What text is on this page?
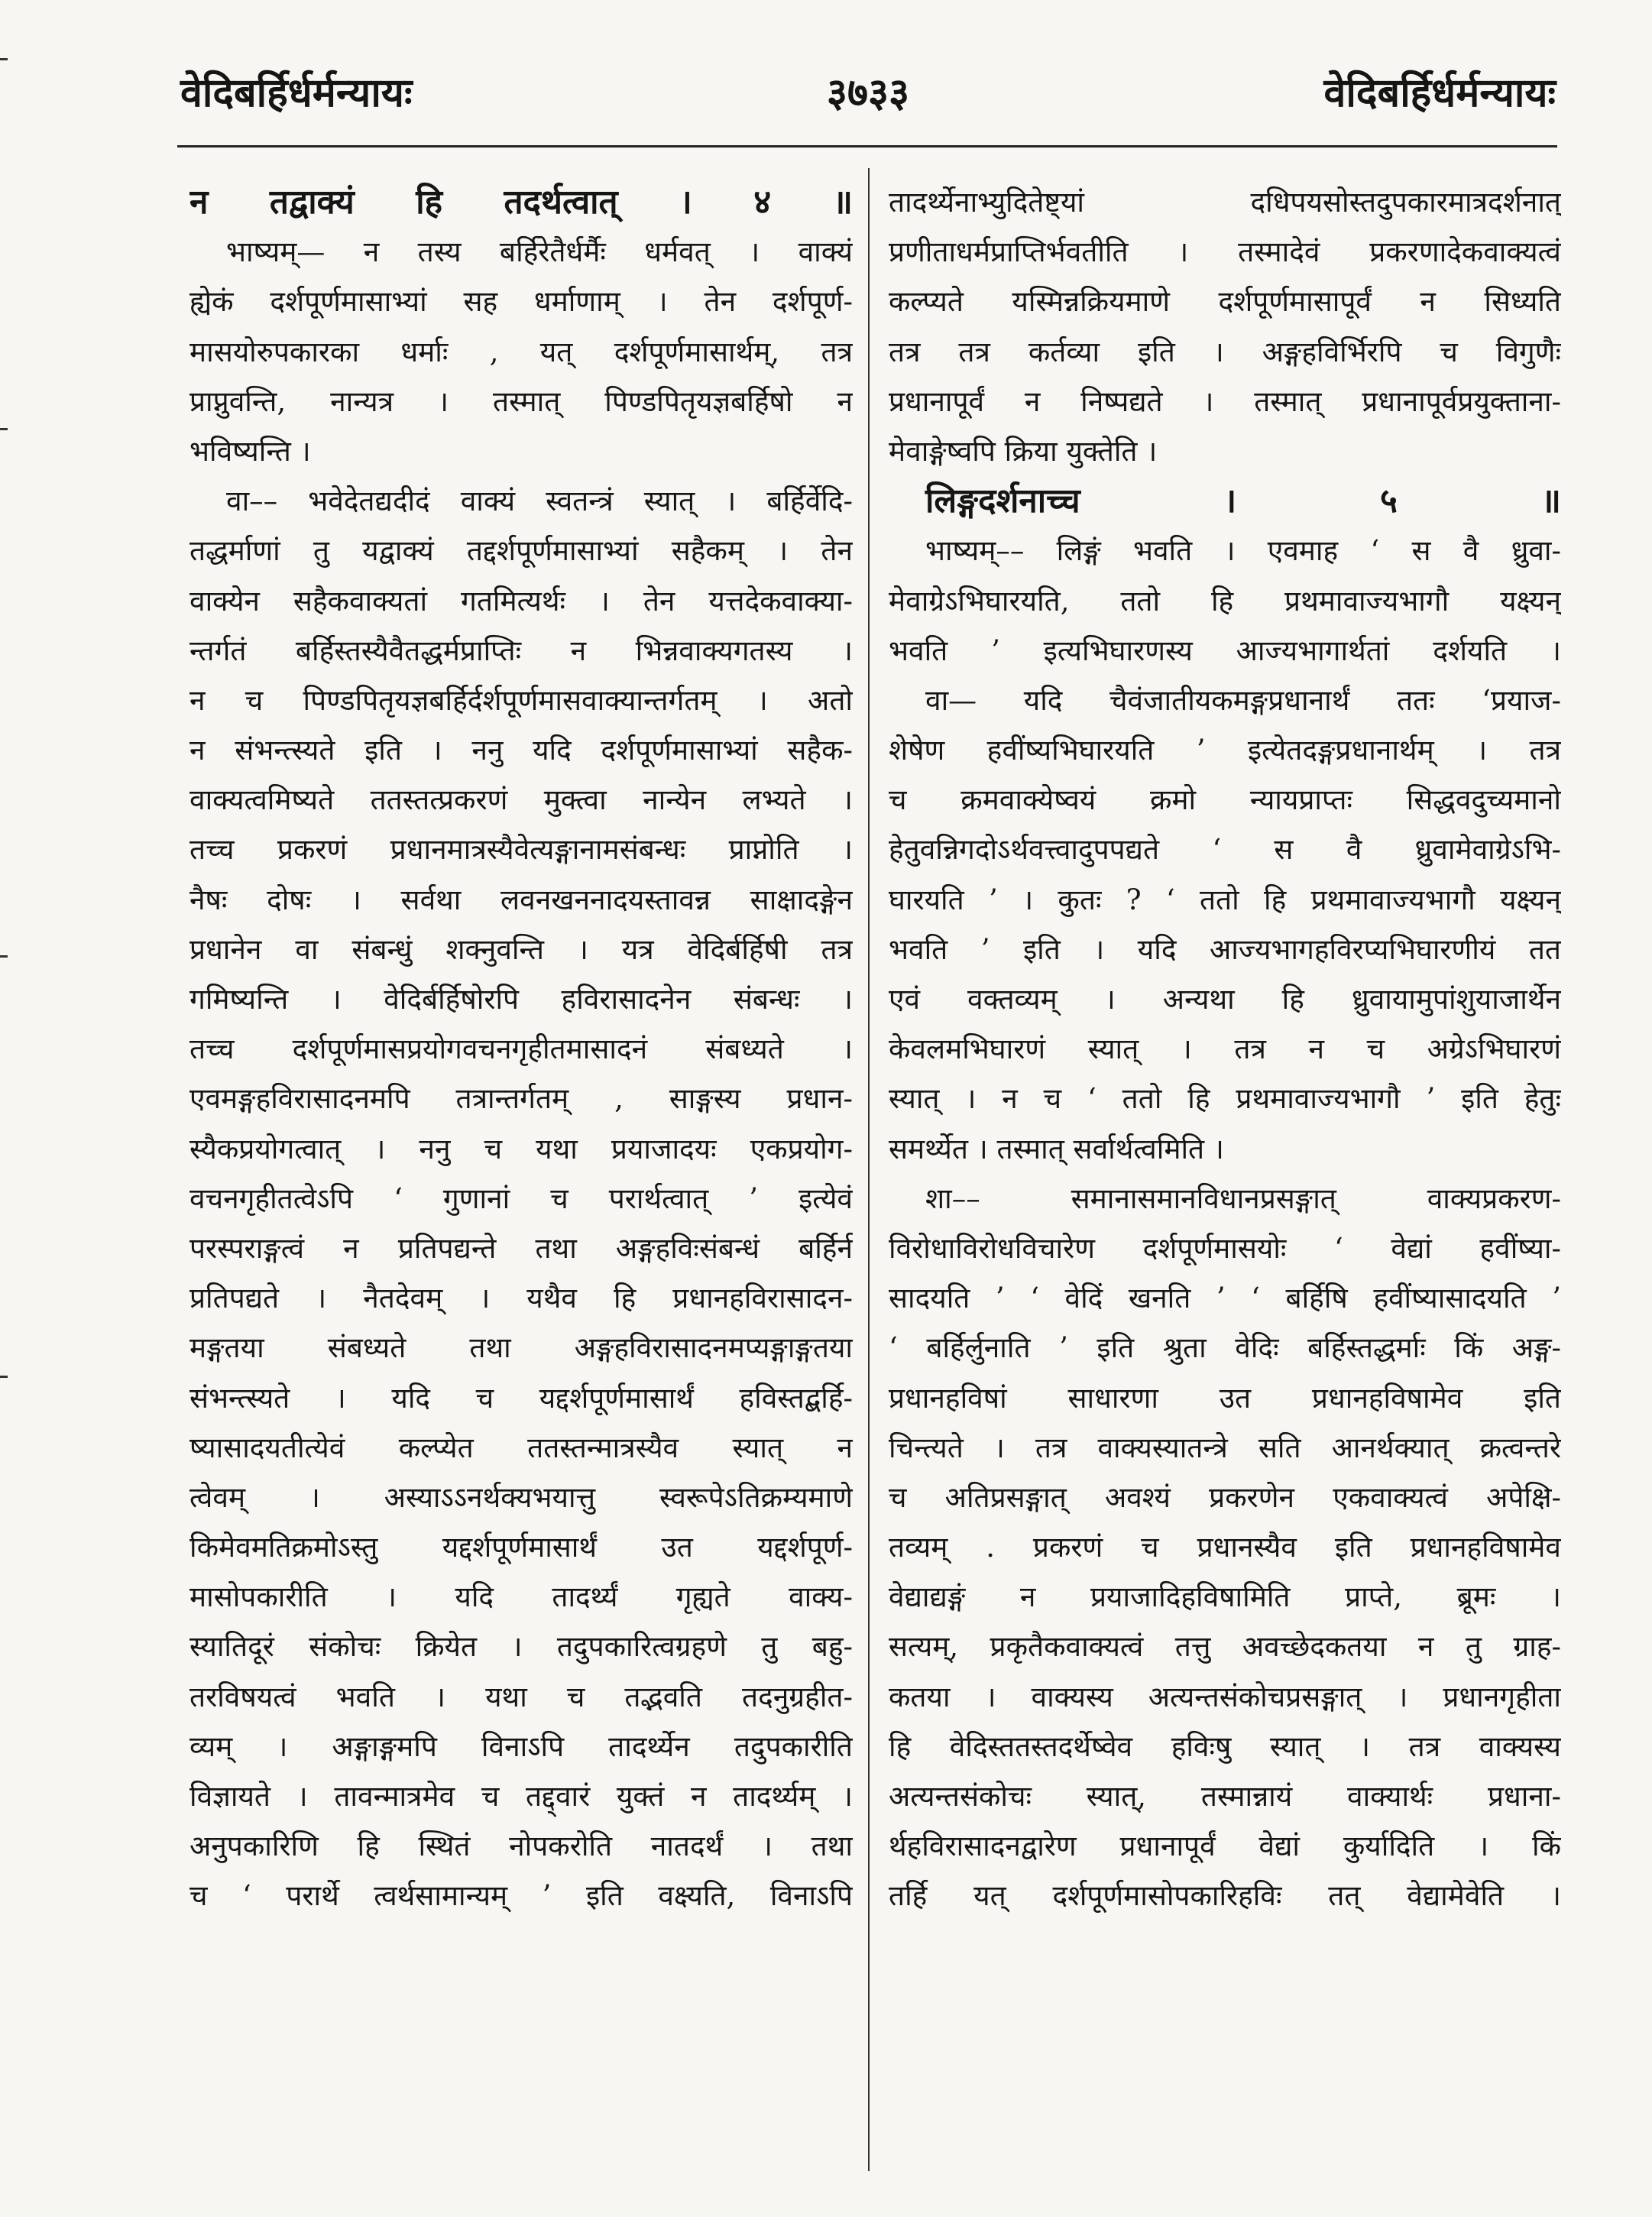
वेदिबर्हिर्धर्मन्यायः	३७३३	वेदिबर्हिर्धर्मन्यायः
न तद्वाक्यं हि तदर्थत्वात् । ४ ॥
भाष्यम्— न तस्य बर्हिरेतैर्धर्मैः धर्मवत् । वाक्यं
ह्येकं दर्शपूर्णमासाभ्यां सह धर्माणाम् । तेन दर्शपूर्ण-
मासयोरुपकारका धर्माः , यत् दर्शपूर्णमासार्थम्, तत्र
प्राप्नुवन्ति, नान्यत्र । तस्मात् पिण्डपितृयज्ञबर्हिषो न
भविष्यन्ति ।
वा–– भवेदेतद्यदीदं वाक्यं स्वतन्त्रं स्यात् । बर्हिर्वेदि-
तद्धर्माणां तु यद्वाक्यं तद्दर्शपूर्णमासाभ्यां सहैकम् । तेन
वाक्येन सहैकवाक्यतां गतमित्यर्थः । तेन यत्तदेकवाक्या-
न्तर्गतं बर्हिस्तस्यैवैतद्धर्मप्राप्तिः न भिन्नवाक्यगतस्य ।
न च पिण्डपितृयज्ञबर्हिर्दर्शपूर्णमासवाक्यान्तर्गतम् । अतो
न संभन्त्स्यते इति । ननु यदि दर्शपूर्णमासाभ्यां सहैक-
वाक्यत्वमिष्यते ततस्तत्प्रकरणं मुक्त्वा नान्येन लभ्यते ।
तच्च प्रकरणं प्रधानमात्रस्यैवेत्यङ्गानामसंबन्धः प्राप्नोति ।
नैषः दोषः । सर्वथा लवनखननादयस्तावन्न साक्षादङ्गेन
प्रधानेन वा संबन्धुं शक्नुवन्ति । यत्र वेदिर्बर्हिषी तत्र
गमिष्यन्ति । वेदिर्बर्हिषोरपि हविरासादनेन संबन्धः ।
तच्च दर्शपूर्णमासप्रयोगवचनगृहीतमासादनं संबध्यते ।
एवमङ्गहविरासादनमपि तत्रान्तर्गतम् , साङ्गस्य प्रधान-
स्यैकप्रयोगत्वात् । ननु च यथा प्रयाजादयः एकप्रयोग-
वचनगृहीतत्वेऽपि ‘ गुणानां च परार्थत्वात् ’ इत्येवं
परस्पराङ्गत्वं न प्रतिपद्यन्ते तथा अङ्गहविःसंबन्धं बर्हिर्न
प्रतिपद्यते । नैतदेवम् । यथैव हि प्रधानहविरासादन-
मङ्गतया संबध्यते तथा अङ्गहविरासादनमप्यङ्गाङ्गतया
संभन्त्स्यते । यदि च यद्दर्शपूर्णमासार्थं हविस्तद्बर्हि-
ष्यासादयतीत्येवं कल्प्येत ततस्तन्मात्रस्यैव स्यात् न
त्वेवम् । अस्याऽऽनर्थक्यभयात्तु स्वरूपेऽतिक्रम्यमाणे
किमेवमतिक्रमोऽस्तु यद्दर्शपूर्णमासार्थं उत यद्दर्शपूर्ण-
मासोपकारीति । यदि तादर्थ्यं गृह्यते वाक्य-
स्यातिदूरं संकोचः क्रियेत । तदुपकारित्वग्रहणे तु बहु-
तरविषयत्वं भवति । यथा च तद्भवति तदनुग्रहीत-
व्यम् । अङ्गाङ्गमपि विनाऽपि तादर्थ्येन तदुपकारीति
विज्ञायते । तावन्मात्रमेव च तद्द्वारं युक्तं न तादर्थ्यम् ।
अनुपकारिणि हि स्थितं नोपकरोति नातदर्थं । तथा
च ‘ परार्थे त्वर्थसामान्यम् ’ इति वक्ष्यति, विनाऽपि
तादर्थ्येनाभ्युदितेष्ट्यां दधिपयसोस्तदुपकारमात्रदर्शनात्
प्रणीताधर्मप्राप्तिर्भवतीति । तस्मादेवं प्रकरणादेकवाक्यत्वं
कल्प्यते यस्मिन्नक्रियमाणे दर्शपूर्णमासापूर्वं न सिध्यति
तत्र तत्र कर्तव्या इति । अङ्गहविर्भिरपि च विगुणैः
प्रधानापूर्वं न निष्पद्यते । तस्मात् प्रधानापूर्वप्रयुक्ताना-
मेवाङ्गेष्वपि क्रिया युक्तेति ।
लिङ्गदर्शनाच्च । ५ ॥
भाष्यम्–– लिङ्गं भवति । एवमाह ‘ स वै ध्रुवा-
मेवाग्रेऽभिघारयति, ततो हि प्रथमावाज्यभागौ यक्ष्यन्
भवति ’ इत्यभिघारणस्य आज्यभागार्थतां दर्शयति ।
वा— यदि चैवंजातीयकमङ्गप्रधानार्थं ततः ‘प्रयाज-
शेषेण हवींष्यभिघारयति ’ इत्येतदङ्गप्रधानार्थम् । तत्र
च क्रमवाक्येष्वयं क्रमो न्यायप्राप्तः सिद्धवदुच्यमानो
हेतुवन्निगदोऽर्थवत्त्वादुपपद्यते ‘ स वै ध्रुवामेवाग्रेऽभि-
घारयति ’ । कुतः ? ‘ ततो हि प्रथमावाज्यभागौ यक्ष्यन्
भवति ’ इति । यदि आज्यभागहविरप्यभिघारणीयं तत
एवं वक्तव्यम् । अन्यथा हि ध्रुवायामुपांशुयाजार्थेन
केवलमभिघारणं स्यात् । तत्र न च अग्रेऽभिघारणं
स्यात् । न च ‘ ततो हि प्रथमावाज्यभागौ ’ इति हेतुः
समर्थ्येत । तस्मात् सर्वार्थत्वमिति ।
शा–– समानासमानविधानप्रसङ्गात् वाक्यप्रकरण-
विरोधाविरोधविचारेण दर्शपूर्णमासयोः ‘ वेद्यां हवींष्या-
सादयति ’ ‘ वेदिं खनति ’ ‘ बर्हिषि हवींष्यासादयति ’
‘ बर्हिर्लुनाति ’ इति श्रुता वेदिः बर्हिस्तद्धर्माः किं अङ्ग-
प्रधानहविषां साधारणा उत प्रधानहविषामेव इति
चिन्त्यते । तत्र वाक्यस्यातन्त्रे सति आनर्थक्यात् क्रत्वन्तरे
च अतिप्रसङ्गात् अवश्यं प्रकरणेन एकवाक्यत्वं अपेक्षि-
तव्यम् . प्रकरणं च प्रधानस्यैव इति प्रधानहविषामेव
वेद्याद्यङ्गं न प्रयाजादिहविषामिति प्राप्ते, ब्रूमः ।
सत्यम्, प्रकृतैकवाक्यत्वं तत्तु अवच्छेदकतया न तु ग्राह-
कतया । वाक्यस्य अत्यन्तसंकोचप्रसङ्गात् । प्रधानगृहीता
हि वेदिस्ततस्तदर्थेष्वेव हविःषु स्यात् । तत्र वाक्यस्य
अत्यन्तसंकोचः स्यात्, तस्मान्नायं वाक्यार्थः प्रधाना-
र्थहविरासादनद्वारेण प्रधानापूर्वं वेद्यां कुर्यादिति । किं
तर्हि यत् दर्शपूर्णमासोपकारिहविः तत् वेद्यामेवेति ।
